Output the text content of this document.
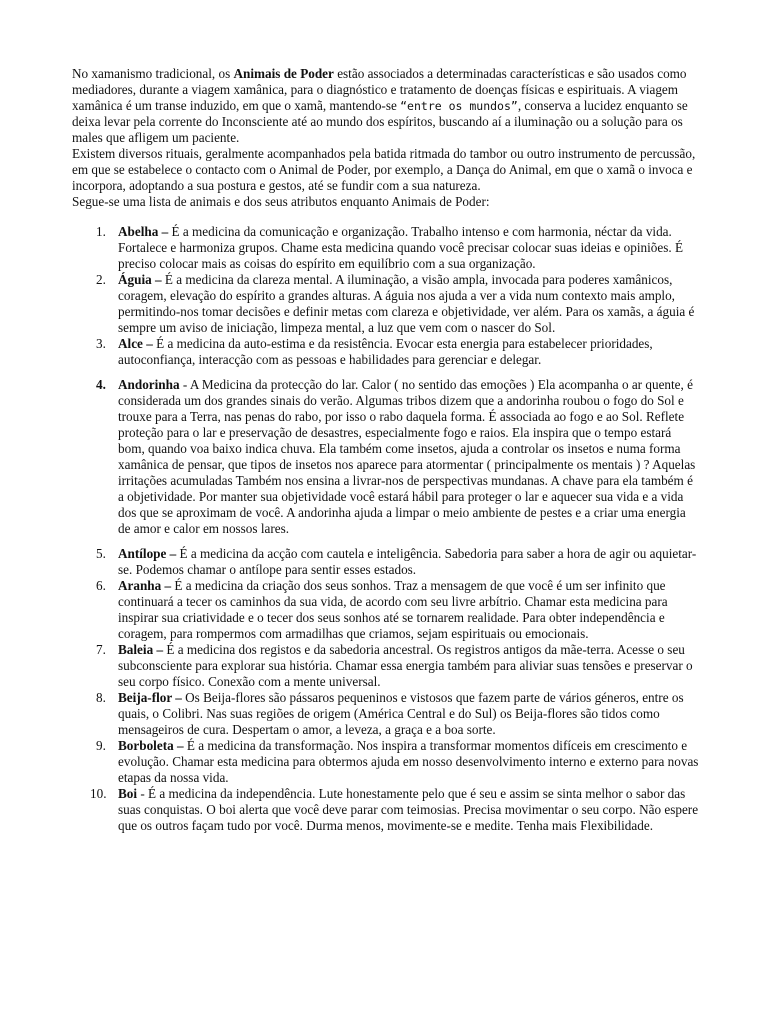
No xamanismo tradicional, os Animais de Poder estão associados a determinadas características e são usados como mediadores, durante a viagem xamânica, para o diagnóstico e tratamento de doenças físicas e espirituais. A viagem xamânica é um transe induzido, em que o xamã, mantendo-se “entre os mundos”, conserva a lucidez enquanto se deixa levar pela corrente do Inconsciente até ao mundo dos espíritos, buscando aí a iluminação ou a solução para os males que afligem um paciente.

Existem diversos rituais, geralmente acompanhados pela batida ritmada do tambor ou outro instrumento de percussão, em que se estabelece o contacto com o Animal de Poder, por exemplo, a Dança do Animal, em que o xamã o invoca e incorpora, adoptando a sua postura e gestos, até se fundir com a sua natureza.

Segue-se uma lista de animais e dos seus atributos enquanto Animais de Poder:

1. Abelha – É a medicina da comunicação e organização. Trabalho intenso e com harmonia, néctar da vida. Fortalece e harmoniza grupos. Chame esta medicina quando você precisar colocar suas ideias e opiniões. É preciso colocar mais as coisas do espírito em equilíbrio com a sua organização.
2. Águia – É a medicina da clareza mental. A iluminação, a visão ampla, invocada para poderes xamânicos, coragem, elevação do espírito a grandes alturas. A águia nos ajuda a ver a vida num contexto mais amplo, permitindo-nos tomar decisões e definir metas com clareza e objetividade, ver além. Para os xamãs, a águia é sempre um aviso de iniciação, limpeza mental, a luz que vem com o nascer do Sol.
3. Alce – É a medicina da auto-estima e da resistência. Evocar esta energia para estabelecer prioridades, autoconfiança, interacção com as pessoas e habilidades para gerenciar e delegar.
4. Andorinha - A Medicina da protecção do lar. Calor ( no sentido das emoções ) Ela acompanha o ar quente, é considerada um dos grandes sinais do verão. Algumas tribos dizem que a andorinha roubou o fogo do Sol e trouxe para a Terra, nas penas do rabo, por isso o rabo daquela forma. É associada ao fogo e ao Sol. Reflete proteção para o lar e preservação de desastres, especialmente fogo e raios. Ela inspira que o tempo estará bom, quando voa baixo indica chuva. Ela também come insetos, ajuda a controlar os insetos e numa forma xamânica de pensar, que tipos de insetos nos aparece para atormentar ( principalmente os mentais ) ? Aquelas irritações acumuladas Também nos ensina a livrar-nos de perspectivas mundanas. A chave para ela também é a objetividade. Por manter sua objetividade você estará hábil para proteger o lar e aquecer sua vida e a vida dos que se aproximam de você. A andorinha ajuda a limpar o meio ambiente de pestes e a criar uma energia de amor e calor em nossos lares.
5. Antílope – É a medicina da acção com cautela e inteligência. Sabedoria para saber a hora de agir ou aquietar-se. Podemos chamar o antílope para sentir esses estados.
6. Aranha – É a medicina da criação dos seus sonhos. Traz a mensagem de que você é um ser infinito que continuará a tecer os caminhos da sua vida, de acordo com seu livre arbítrio. Chamar esta medicina para inspirar sua criatividade e o tecer dos seus sonhos até se tornarem realidade. Para obter independência e coragem, para rompermos com armadilhas que criamos, sejam espirituais ou emocionais.
7. Baleia – É a medicina dos registos e da sabedoria ancestral. Os registros antigos da mãe-terra. Acesse o seu subconsciente para explorar sua história. Chamar essa energia também para aliviar suas tensões e preservar o seu corpo físico. Conexão com a mente universal.
8. Beija-flor – Os Beija-flores são pássaros pequeninos e vistosos que fazem parte de vários géneros, entre os quais, o Colibri. Nas suas regiões de origem (América Central e do Sul) os Beija-flores são tidos como mensageiros de cura. Despertam o amor, a leveza, a graça e a boa sorte.
9. Borboleta – É a medicina da transformação. Nos inspira a transformar momentos difíceis em crescimento e evolução. Chamar esta medicina para obtermos ajuda em nosso desenvolvimento interno e externo para novas etapas da nossa vida.
10. Boi - É a medicina da independência. Lute honestamente pelo que é seu e assim se sinta melhor o sabor das suas conquistas. O boi alerta que você deve parar com teimosias. Precisa movimentar o seu corpo. Não espere que os outros façam tudo por você. Durma menos, movimente-se e medite. Tenha mais Flexibilidade.
